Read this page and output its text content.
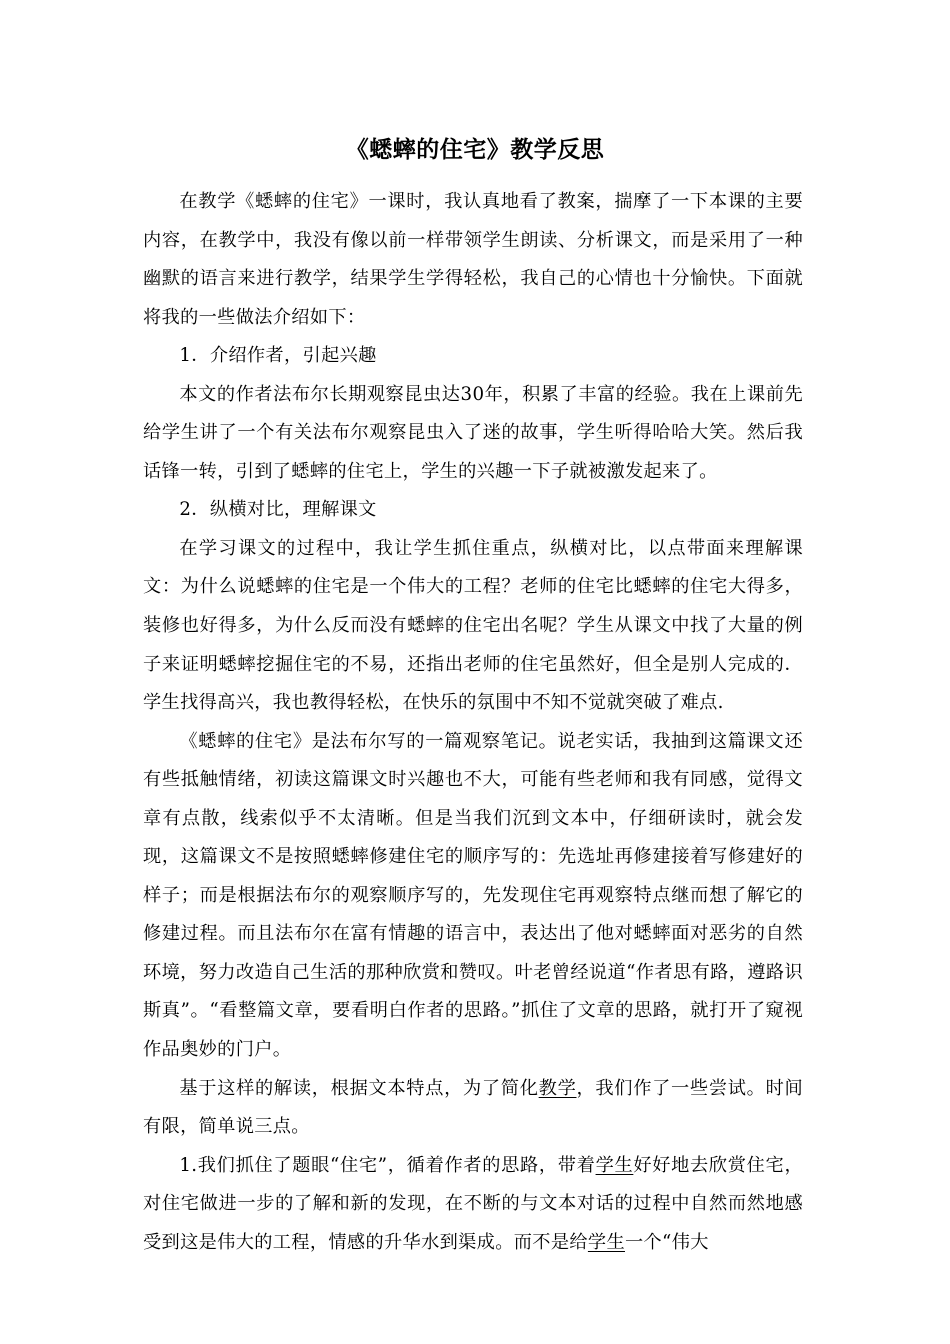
《蟋蟀的住宅》教学反思

在教学《蟋蟀的住宅》一课时，我认真地看了教案，揣摩了一下本课的主要内容，在教学中，我没有像以前一样带领学生朗读、分析课文，而是采用了一种幽默的语言来进行教学，结果学生学得轻松，我自己的心情也十分愉快。下面就将我的一些做法介绍如下：

1．介绍作者，引起兴趣

本文的作者法布尔长期观察昆虫达30年，积累了丰富的经验。我在上课前先给学生讲了一个有关法布尔观察昆虫入了迷的故事，学生听得哈哈大笑。然后我话锋一转，引到了蟋蟀的住宅上，学生的兴趣一下子就被激发起来了。

2．纵横对比，理解课文

在学习课文的过程中，我让学生抓住重点，纵横对比，以点带面来理解课文：为什么说蟋蟀的住宅是一个伟大的工程？老师的住宅比蟋蟀的住宅大得多，装修也好得多，为什么反而没有蟋蟀的住宅出名呢？学生从课文中找了大量的例子来证明蟋蟀挖掘住宅的不易，还指出老师的住宅虽然好，但全是别人完成的．学生找得高兴，我也教得轻松，在快乐的氛围中不知不觉就突破了难点.

《蟋蟀的住宅》是法布尔写的一篇观察笔记。说老实话，我抽到这篇课文还有些抵触情绪，初读这篇课文时兴趣也不大，可能有些老师和我有同感，觉得文章有点散，线索似乎不太清晰。但是当我们沉到文本中，仔细研读时，就会发现，这篇课文不是按照蟋蟀修建住宅的顺序写的：先选址再修建接着写修建好的样子；而是根据法布尔的观察顺序写的，先发现住宅再观察特点继而想了解它的修建过程。而且法布尔在富有情趣的语言中，表达出了他对蟋蟀面对恶劣的自然环境，努力改造自己生活的那种欣赏和赞叹。叶老曾经说道“作者思有路，遵路识斯真”。“看整篇文章，要看明白作者的思路。”抓住了文章的思路，就打开了窥视作品奥妙的门户。

基于这样的解读，根据文本特点，为了简化教学，我们作了一些尝试。时间有限，简单说三点。

1.我们抓住了题眼“住宅”，循着作者的思路，带着学生好好地去欣赏住宅，对住宅做进一步的了解和新的发现，在不断的与文本对话的过程中自然而然地感受到这是伟大的工程，情感的升华水到渠成。而不是给学生一个“伟大
